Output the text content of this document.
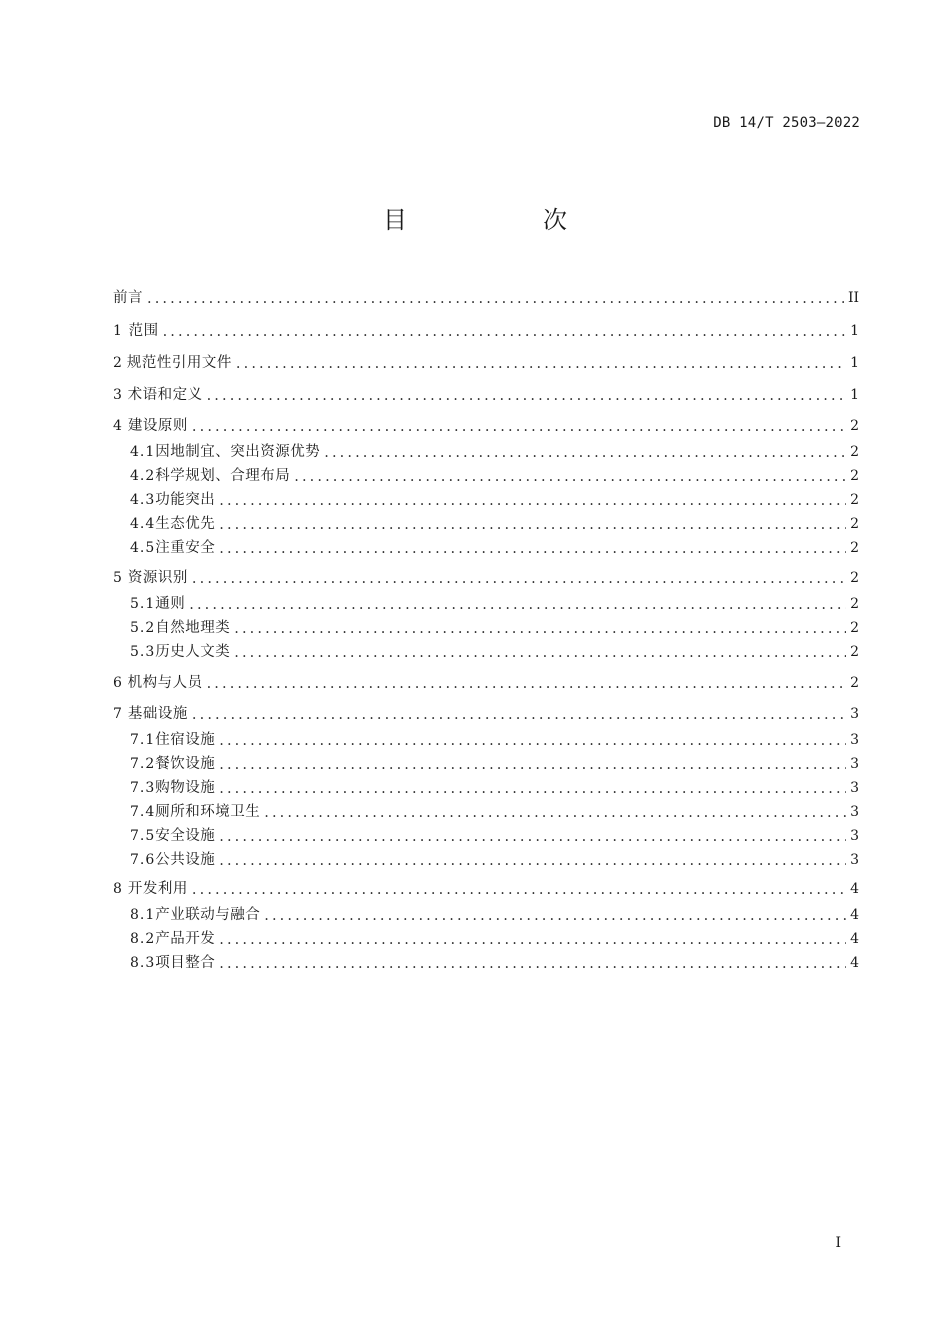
DB 14/T 2503—2022
目　次
前言 .....	II
1 范围 .....	1
2 规范性引用文件 .....	1
3 术语和定义 .....	1
4 建设原则 .....	2
4.1 因地制宜、突出资源优势 .....	2
4.2 科学规划、合理布局 .....	2
4.3 功能突出 .....	2
4.4 生态优先 .....	2
4.5 注重安全 .....	2
5 资源识别 .....	2
5.1 通则 .....	2
5.2 自然地理类 .....	2
5.3 历史人文类 .....	2
6 机构与人员 .....	2
7 基础设施 .....	3
7.1 住宿设施 .....	3
7.2 餐饮设施 .....	3
7.3 购物设施 .....	3
7.4 厕所和环境卫生 .....	3
7.5 安全设施 .....	3
7.6 公共设施 .....	3
8 开发利用 .....	4
8.1 产业联动与融合 .....	4
8.2 产品开发 .....	4
8.3 项目整合 .....	4
I
